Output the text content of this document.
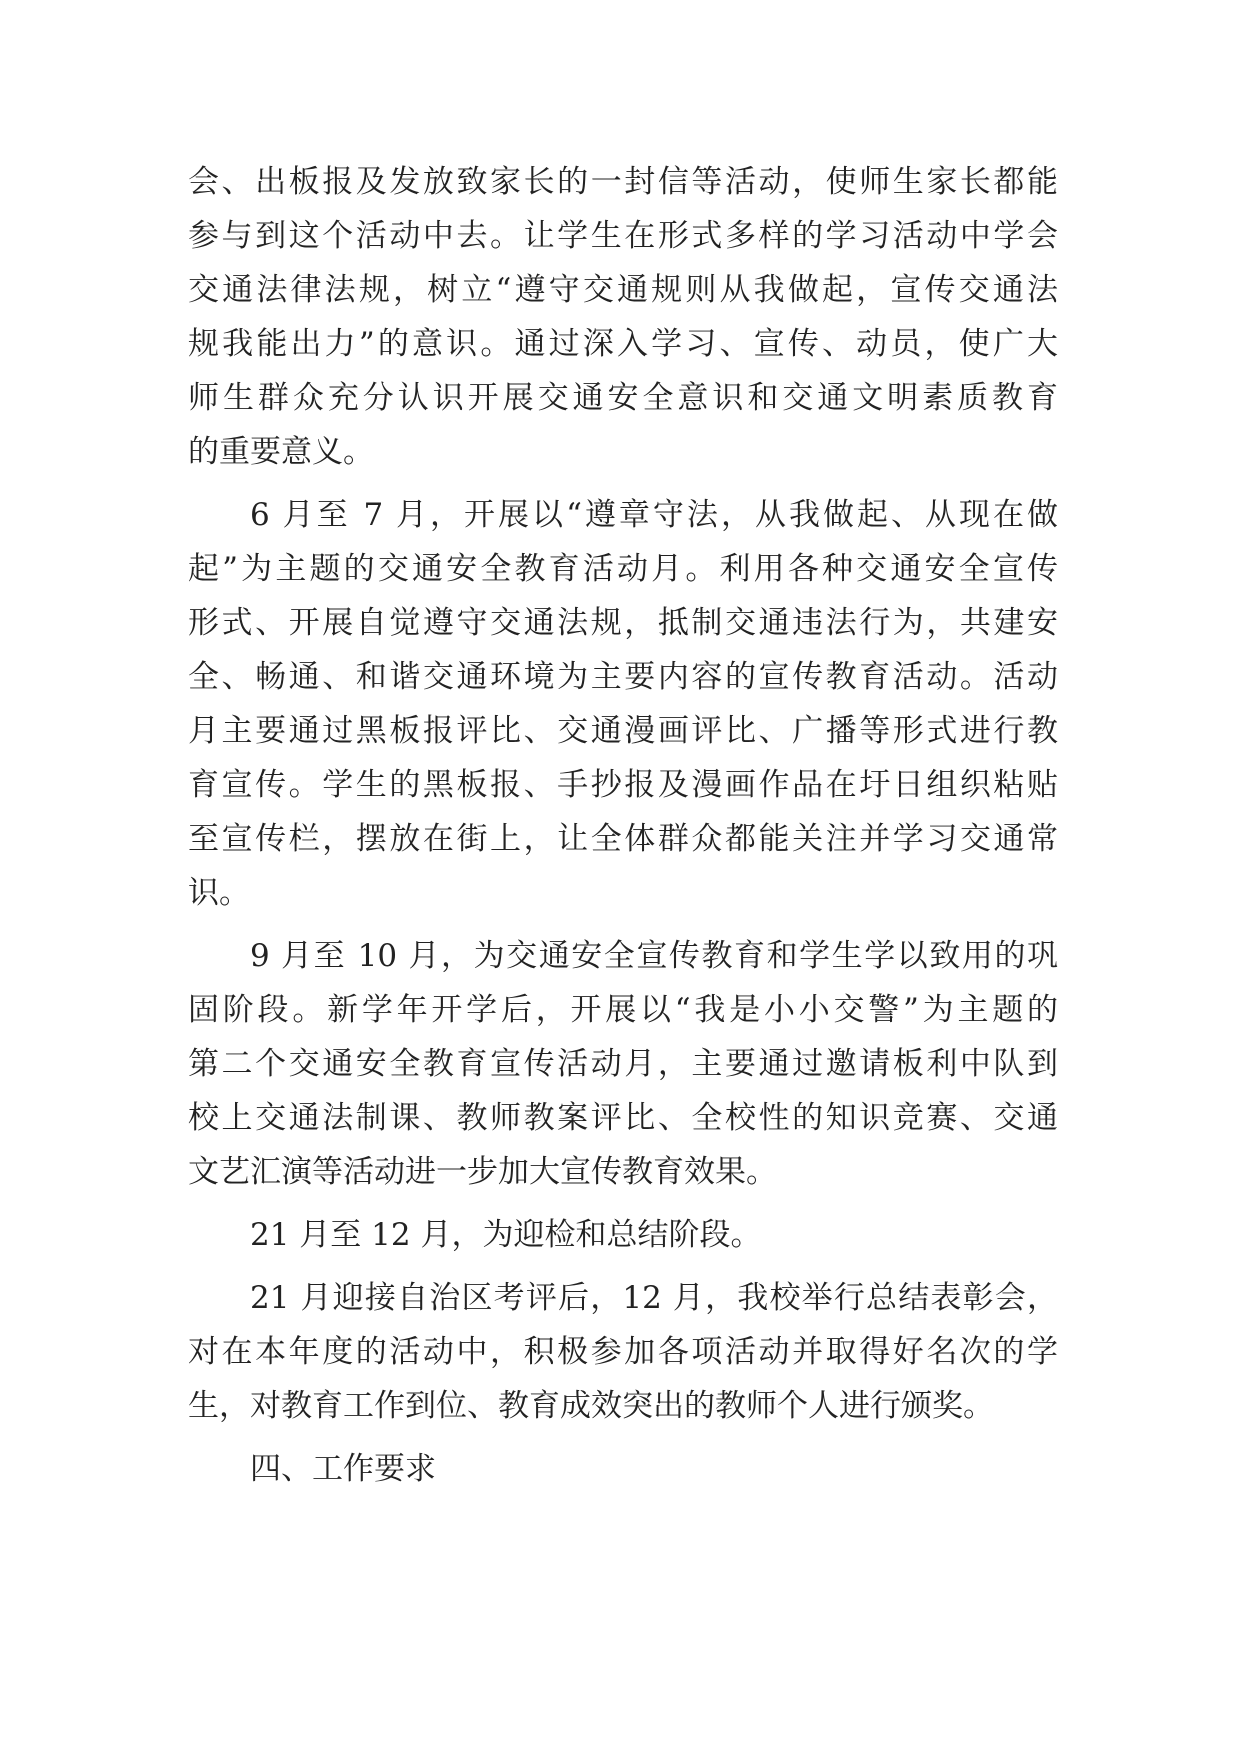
会、出板报及发放致家长的一封信等活动，使师生家长都能
参与到这个活动中去。让学生在形式多样的学习活动中学会
交通法律法规，树立“遵守交通规则从我做起，宣传交通法
规我能出力”的意识。通过深入学习、宣传、动员，使广大
师生群众充分认识开展交通安全意识和交通文明素质教育
的重要意义。
6 月至 7 月，开展以“遵章守法，从我做起、从现在做
起”为主题的交通安全教育活动月。利用各种交通安全宣传
形式、开展自觉遵守交通法规，抵制交通违法行为，共建安
全、畅通、和谐交通环境为主要内容的宣传教育活动。活动
月主要通过黑板报评比、交通漫画评比、广播等形式进行教
育宣传。学生的黑板报、手抄报及漫画作品在圩日组织粘贴
至宣传栏，摆放在街上，让全体群众都能关注并学习交通常
识。
9 月至 10 月，为交通安全宣传教育和学生学以致用的巩
固阶段。新学年开学后，开展以“我是小小交警”为主题的
第二个交通安全教育宣传活动月，主要通过邀请板利中队到
校上交通法制课、教师教案评比、全校性的知识竞赛、交通
文艺汇演等活动进一步加大宣传教育效果。
21 月至 12 月，为迎检和总结阶段。
21 月迎接自治区考评后，12 月，我校举行总结表彰会，
对在本年度的活动中，积极参加各项活动并取得好名次的学
生，对教育工作到位、教育成效突出的教师个人进行颁奖。
四、工作要求
